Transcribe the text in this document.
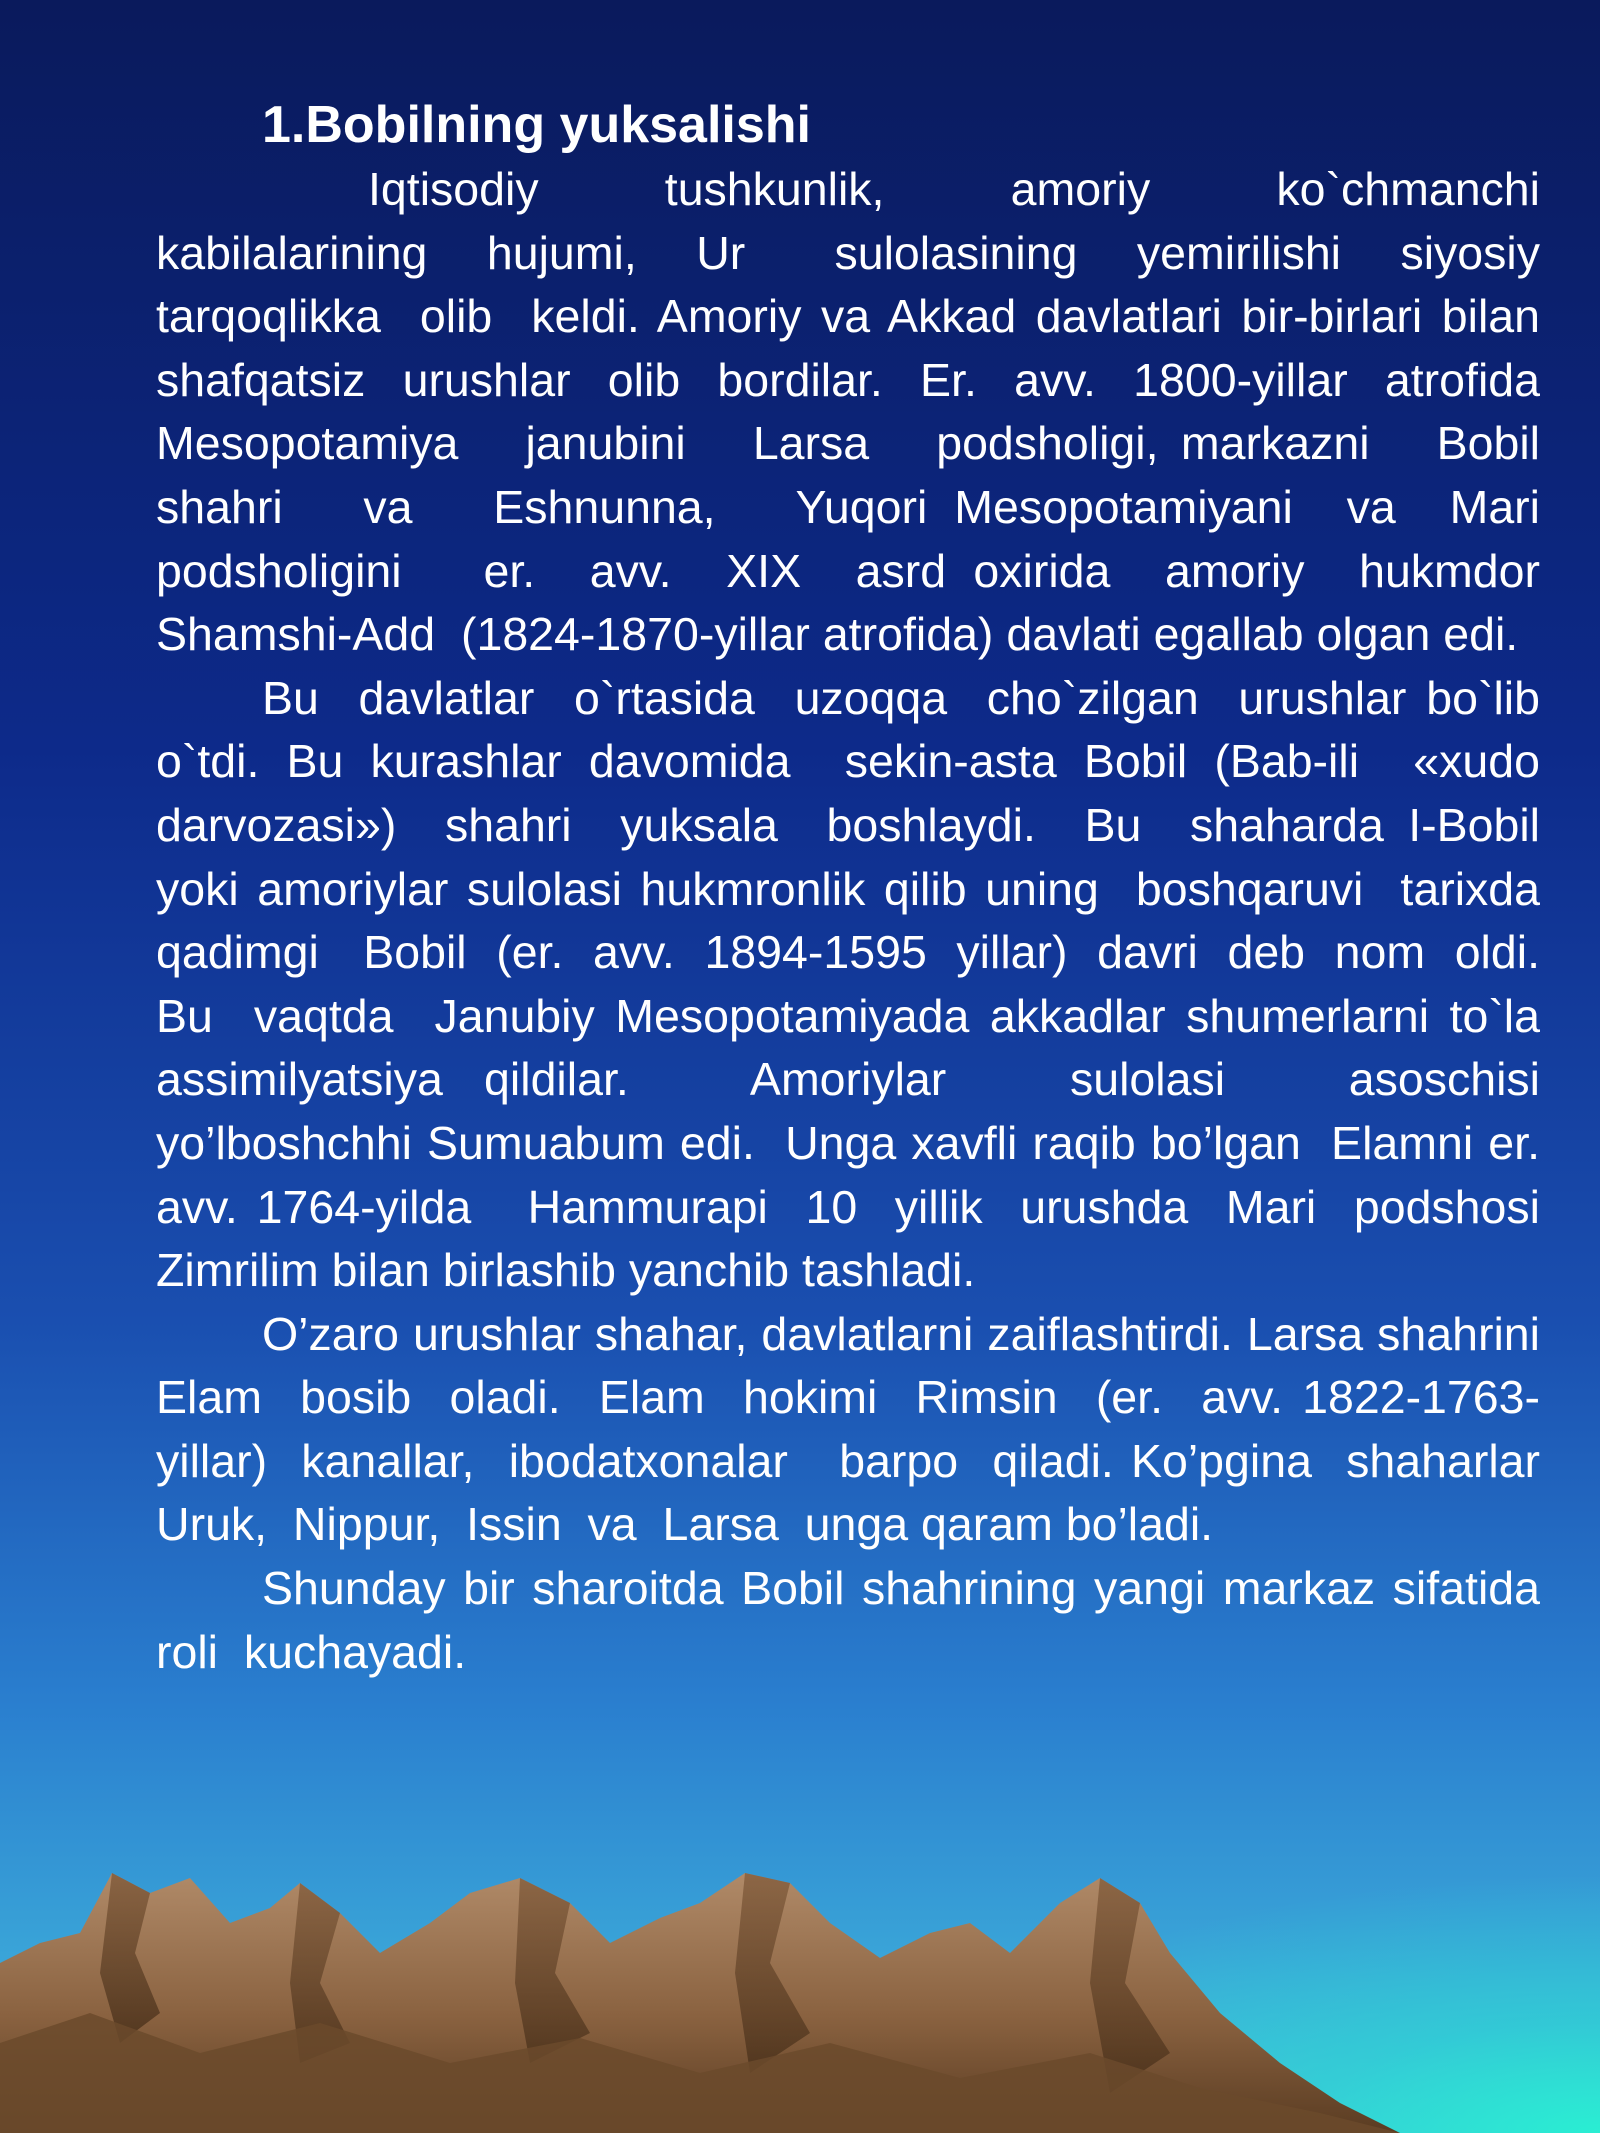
1.Bobilning yuksalishi

Iqtisodiy   tushkunlik,   amoriy   ko`chmanchi kabilalarining  hujumi,  Ur   sulolasining  yemirilishi  siyosiy tarqoqlikka  olib  keldi. Amoriy va Akkad davlatlari bir-birlari bilan shafqatsiz urushlar olib bordilar. Er. avv. 1800-yillar atrofida   Mesopotamiya   janubini   Larsa   podsholigi, markazni   Bobil   shahri   va   Eshnunna,   Yuqori Mesopotamiyani  va  Mari  podsholigini   er.  avv.  XIX  asrd oxirida  amoriy  hukmdor  Shamshi-Add  (1824-1870-yillar atrofida) davlati egallab olgan edi.

Bu  davlatlar  o`rtasida  uzoqqa  cho`zilgan  urushlar bo`lib o`tdi. Bu kurashlar davomida  sekin-asta Bobil (Bab-ili  «xudo  darvozasi»)  shahri  yuksala  boshlaydi.  Bu  shaharda I-Bobil    yoki amoriylar sulolasi hukmronlik qilib uning  boshqaruvi  tarixda  qadimgi   Bobil  (er.  avv.  1894-1595  yillar)  davri  deb  nom  oldi.  Bu  vaqtda  Janubiy Mesopotamiyada akkadlar shumerlarni to`la assimilyatsiya qildilar.   Amoriylar   sulolasi   asoschisi   yo’lboshchhi Sumuabum edi.  Unga xavfli raqib bo’lgan  Elamni er. avv. 1764-yilda   Hammurapi  10  yillik  urushda  Mari  podshosi Zimrilim bilan birlashib yanchib tashladi.

O’zaro urushlar shahar, davlatlarni zaiflashtirdi. Larsa shahrini   Elam  bosib  oladi.  Elam  hokimi  Rimsin  (er.  avv. 1822-1763-yillar)  kanallar,  ibodatxonalar   barpo  qiladi. Ko’pgina  shaharlar  Uruk,  Nippur,  Issin  va  Larsa  unga qaram bo’ladi.

Shunday bir sharoitda Bobil shahrining yangi markaz sifatida roli  kuchayadi.
